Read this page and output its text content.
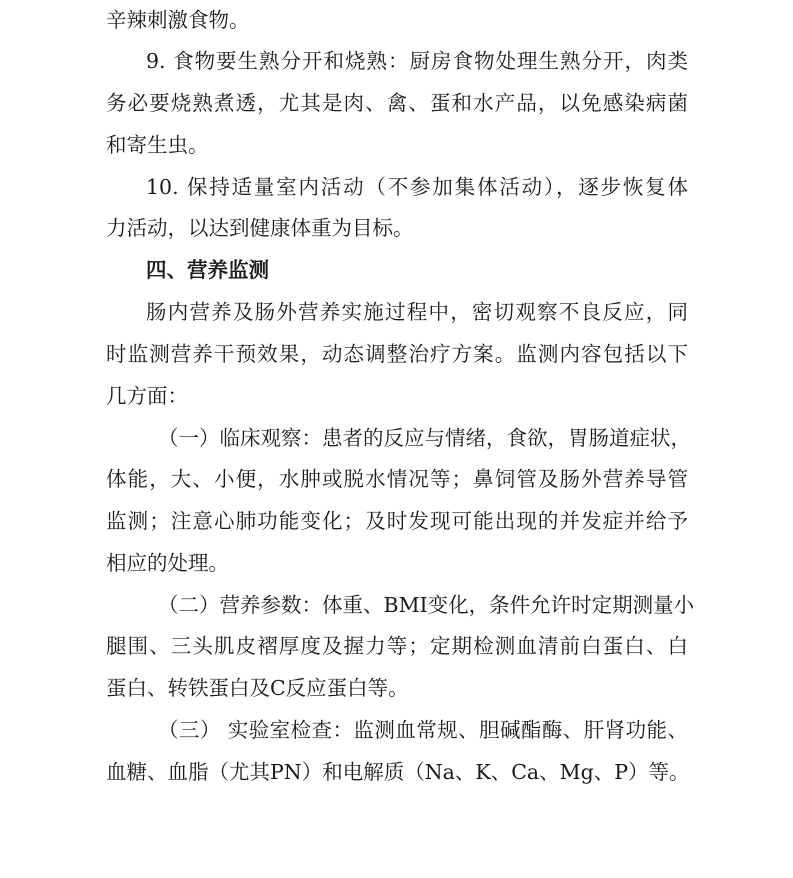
辛辣刺激食物。
9. 食物要生熟分开和烧熟：厨房食物处理生熟分开，肉类
务必要烧熟煮透，尤其是肉、禽、蛋和水产品，以免感染病菌
和寄生虫。
10. 保持适量室内活动（不参加集体活动），逐步恢复体
力活动，以达到健康体重为目标。
四、营养监测
肠内营养及肠外营养实施过程中，密切观察不良反应，同
时监测营养干预效果，动态调整治疗方案。监测内容包括以下
几方面：
（一）临床观察：患者的反应与情绪，食欲，胃肠道症状，
体能，大、小便，水肿或脱水情况等；鼻饲管及肠外营养导管
监测；注意心肺功能变化；及时发现可能出现的并发症并给予
相应的处理。
（二）营养参数：体重、BMI变化，条件允许时定期测量小
腿围、三头肌皮褶厚度及握力等；定期检测血清前白蛋白、白
蛋白、转铁蛋白及C反应蛋白等。
（三） 实验室检查：监测血常规、胆碱酯酶、肝肾功能、
血糖、血脂（尤其PN）和电解质（Na、K、Ca、Mg、P）等。
